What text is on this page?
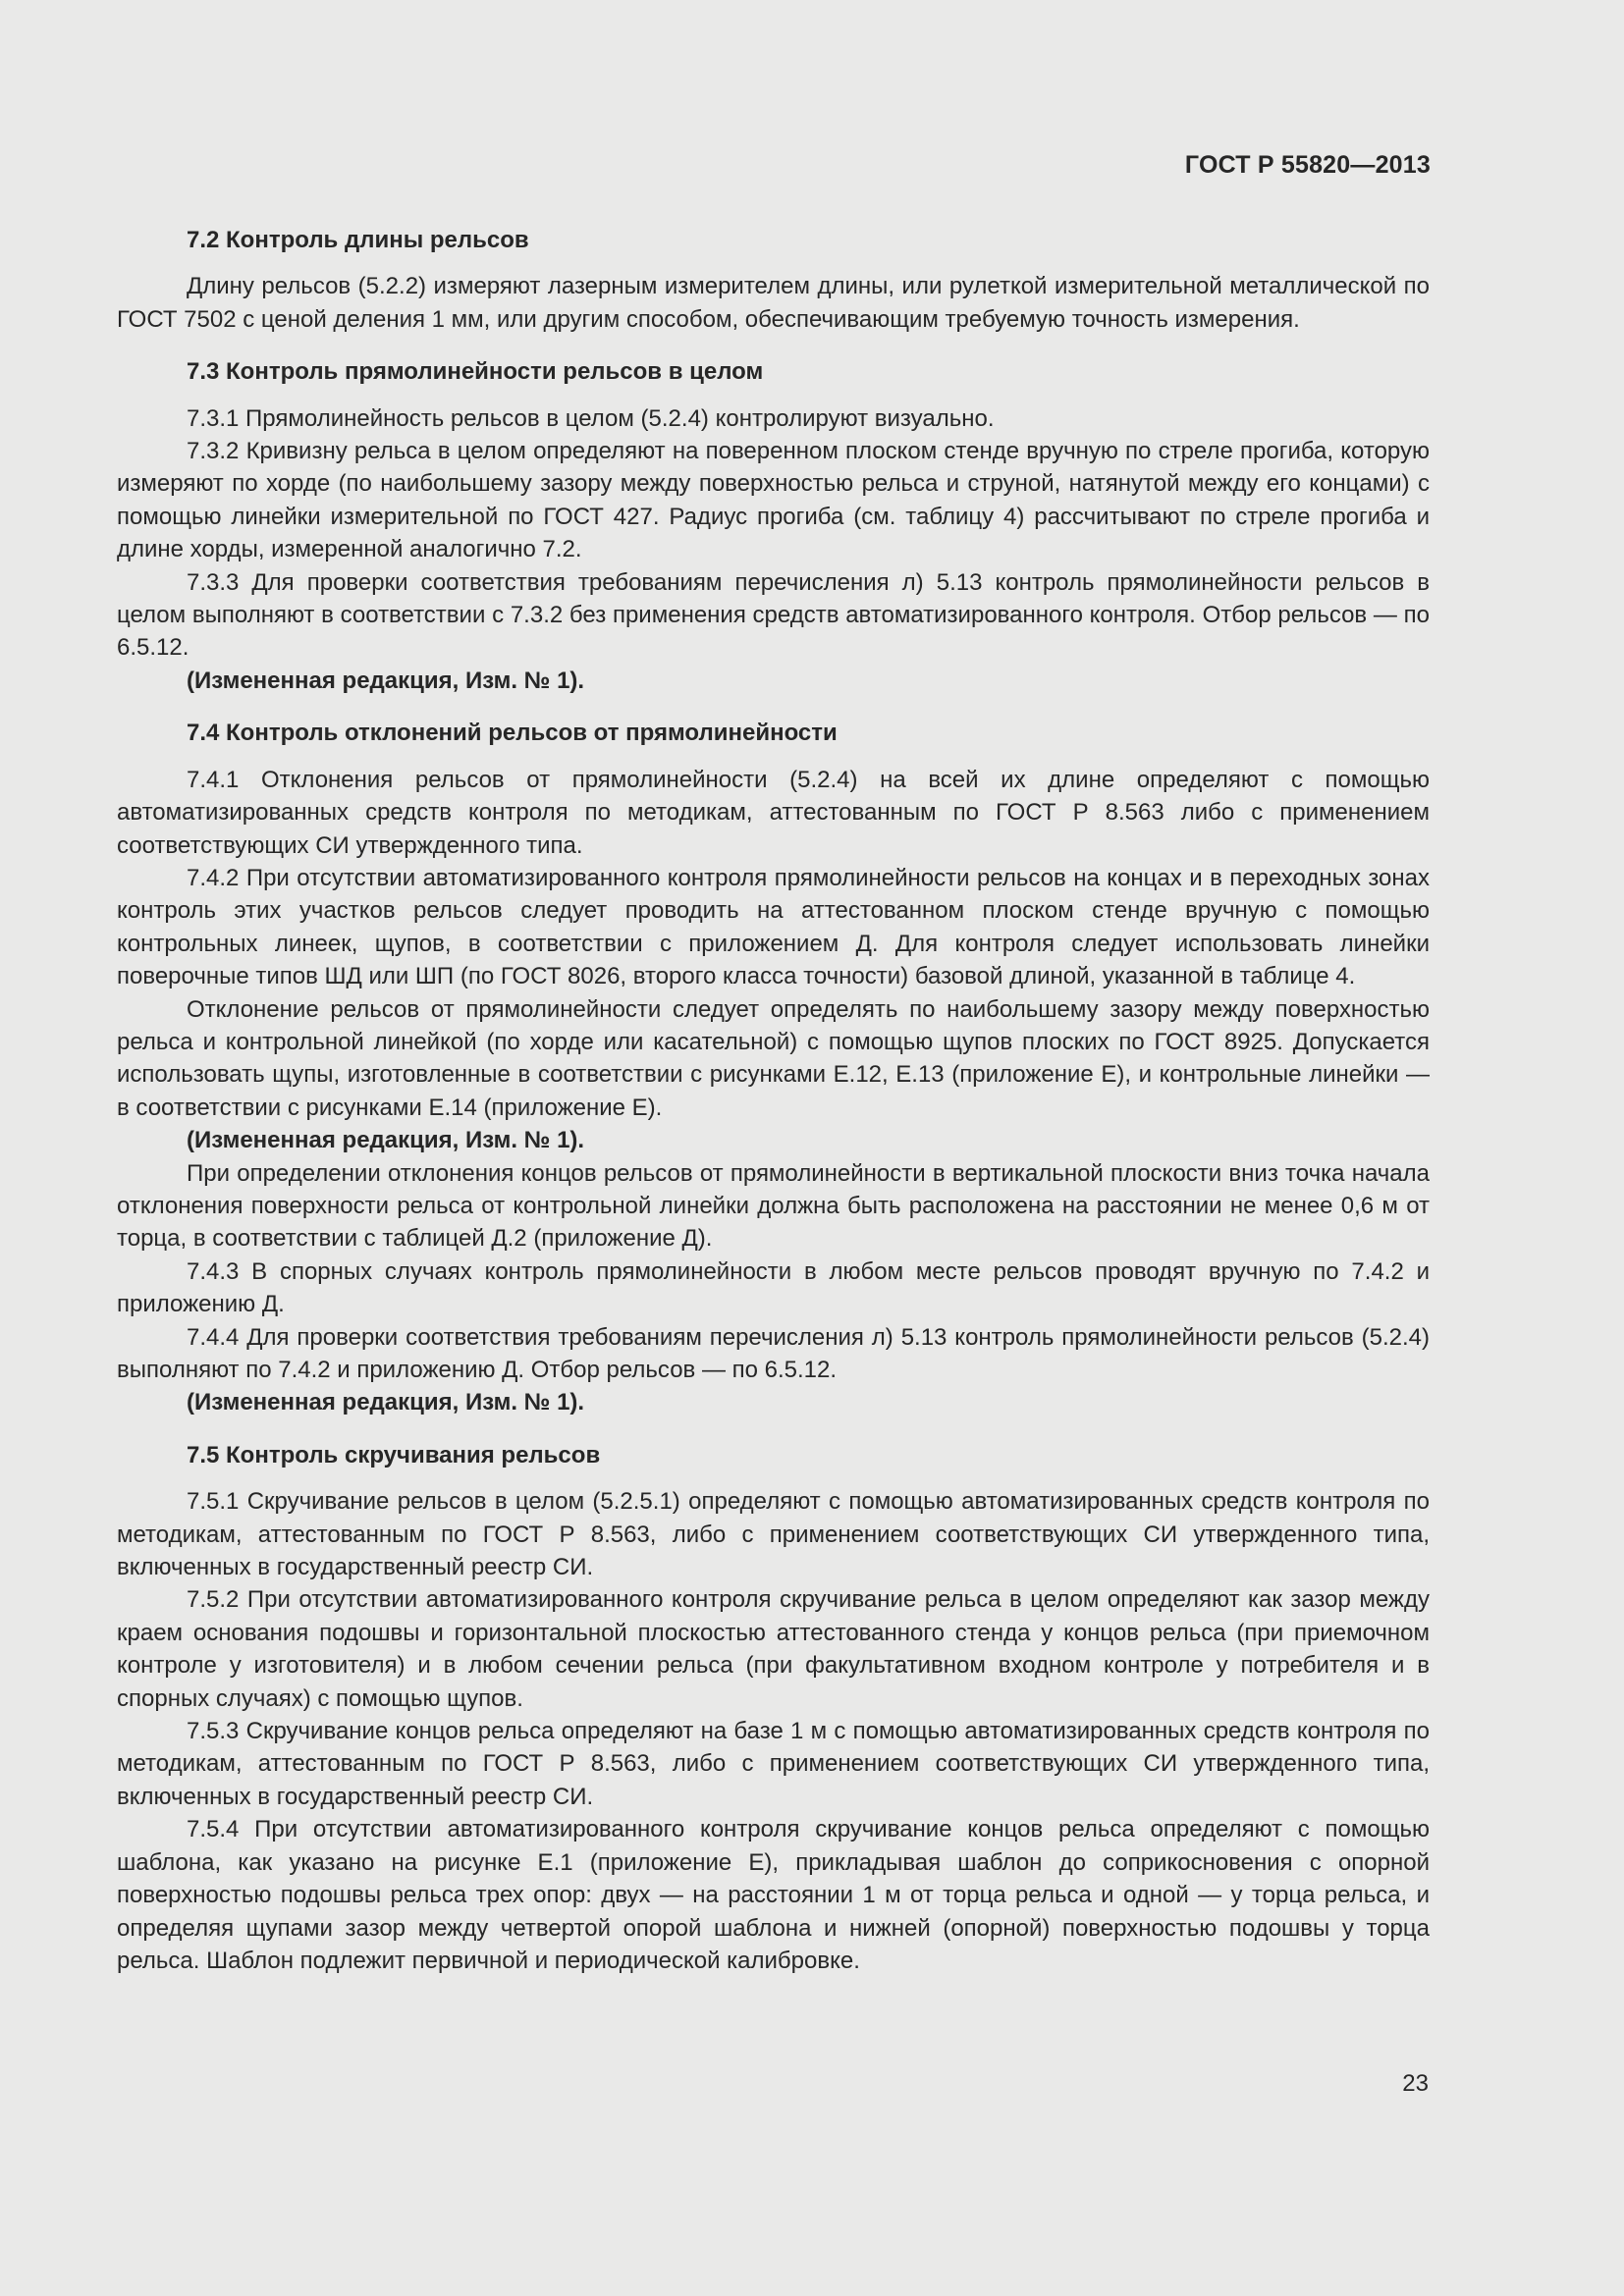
ГОСТ Р 55820—2013
7.2 Контроль длины рельсов

Длину рельсов (5.2.2) измеряют лазерным измерителем длины, или рулеткой измерительной металлической по ГОСТ 7502 с ценой деления 1 мм, или другим способом, обеспечивающим требуемую точность измерения.

7.3 Контроль прямолинейности рельсов в целом

7.3.1 Прямолинейность рельсов в целом (5.2.4) контролируют визуально.

7.3.2 Кривизну рельса в целом определяют на поверенном плоском стенде вручную по стреле прогиба, которую измеряют по хорде (по наибольшему зазору между поверхностью рельса и струной, натянутой между его концами) с помощью линейки измерительной по ГОСТ 427. Радиус прогиба (см. таблицу 4) рассчитывают по стреле прогиба и длине хорды, измеренной аналогично 7.2.

7.3.3 Для проверки соответствия требованиям перечисления л) 5.13 контроль прямолинейности рельсов в целом выполняют в соответствии с 7.3.2 без применения средств автоматизированного контроля. Отбор рельсов — по 6.5.12.

(Измененная редакция, Изм. № 1).

7.4 Контроль отклонений рельсов от прямолинейности

7.4.1 Отклонения рельсов от прямолинейности (5.2.4) на всей их длине определяют с помощью автоматизированных средств контроля по методикам, аттестованным по ГОСТ Р 8.563 либо с применением соответствующих СИ утвержденного типа.

7.4.2 При отсутствии автоматизированного контроля прямолинейности рельсов на концах и в переходных зонах контроль этих участков рельсов следует проводить на аттестованном плоском стенде вручную с помощью контрольных линеек, щупов, в соответствии с приложением Д. Для контроля следует использовать линейки поверочные типов ШД или ШП (по ГОСТ 8026, второго класса точности) базовой длиной, указанной в таблице 4.

Отклонение рельсов от прямолинейности следует определять по наибольшему зазору между поверхностью рельса и контрольной линейкой (по хорде или касательной) с помощью щупов плоских по ГОСТ 8925. Допускается использовать щупы, изготовленные в соответствии с рисунками Е.12, Е.13 (приложение Е), и контрольные линейки — в соответствии с рисунками Е.14 (приложение Е).

(Измененная редакция, Изм. № 1).

При определении отклонения концов рельсов от прямолинейности в вертикальной плоскости вниз точка начала отклонения поверхности рельса от контрольной линейки должна быть расположена на расстоянии не менее 0,6 м от торца, в соответствии с таблицей Д.2 (приложение Д).

7.4.3 В спорных случаях контроль прямолинейности в любом месте рельсов проводят вручную по 7.4.2 и приложению Д.

7.4.4 Для проверки соответствия требованиям перечисления л) 5.13 контроль прямолинейности рельсов (5.2.4) выполняют по 7.4.2 и приложению Д. Отбор рельсов — по 6.5.12.

(Измененная редакция, Изм. № 1).

7.5 Контроль скручивания рельсов

7.5.1 Скручивание рельсов в целом (5.2.5.1) определяют с помощью автоматизированных средств контроля по методикам, аттестованным по ГОСТ Р 8.563, либо с применением соответствующих СИ утвержденного типа, включенных в государственный реестр СИ.

7.5.2 При отсутствии автоматизированного контроля скручивание рельса в целом определяют как зазор между краем основания подошвы и горизонтальной плоскостью аттестованного стенда у концов рельса (при приемочном контроле у изготовителя) и в любом сечении рельса (при факультативном входном контроле у потребителя и в спорных случаях) с помощью щупов.

7.5.3 Скручивание концов рельса определяют на базе 1 м с помощью автоматизированных средств контроля по методикам, аттестованным по ГОСТ Р 8.563, либо с применением соответствующих СИ утвержденного типа, включенных в государственный реестр СИ.

7.5.4 При отсутствии автоматизированного контроля скручивание концов рельса определяют с помощью шаблона, как указано на рисунке Е.1 (приложение Е), прикладывая шаблон до соприкосновения с опорной поверхностью подошвы рельса трех опор: двух — на расстоянии 1 м от торца рельса и одной — у торца рельса, и определяя щупами зазор между четвертой опорой шаблона и нижней (опорной) поверхностью подошвы у торца рельса. Шаблон подлежит первичной и периодической калибровке.

23
